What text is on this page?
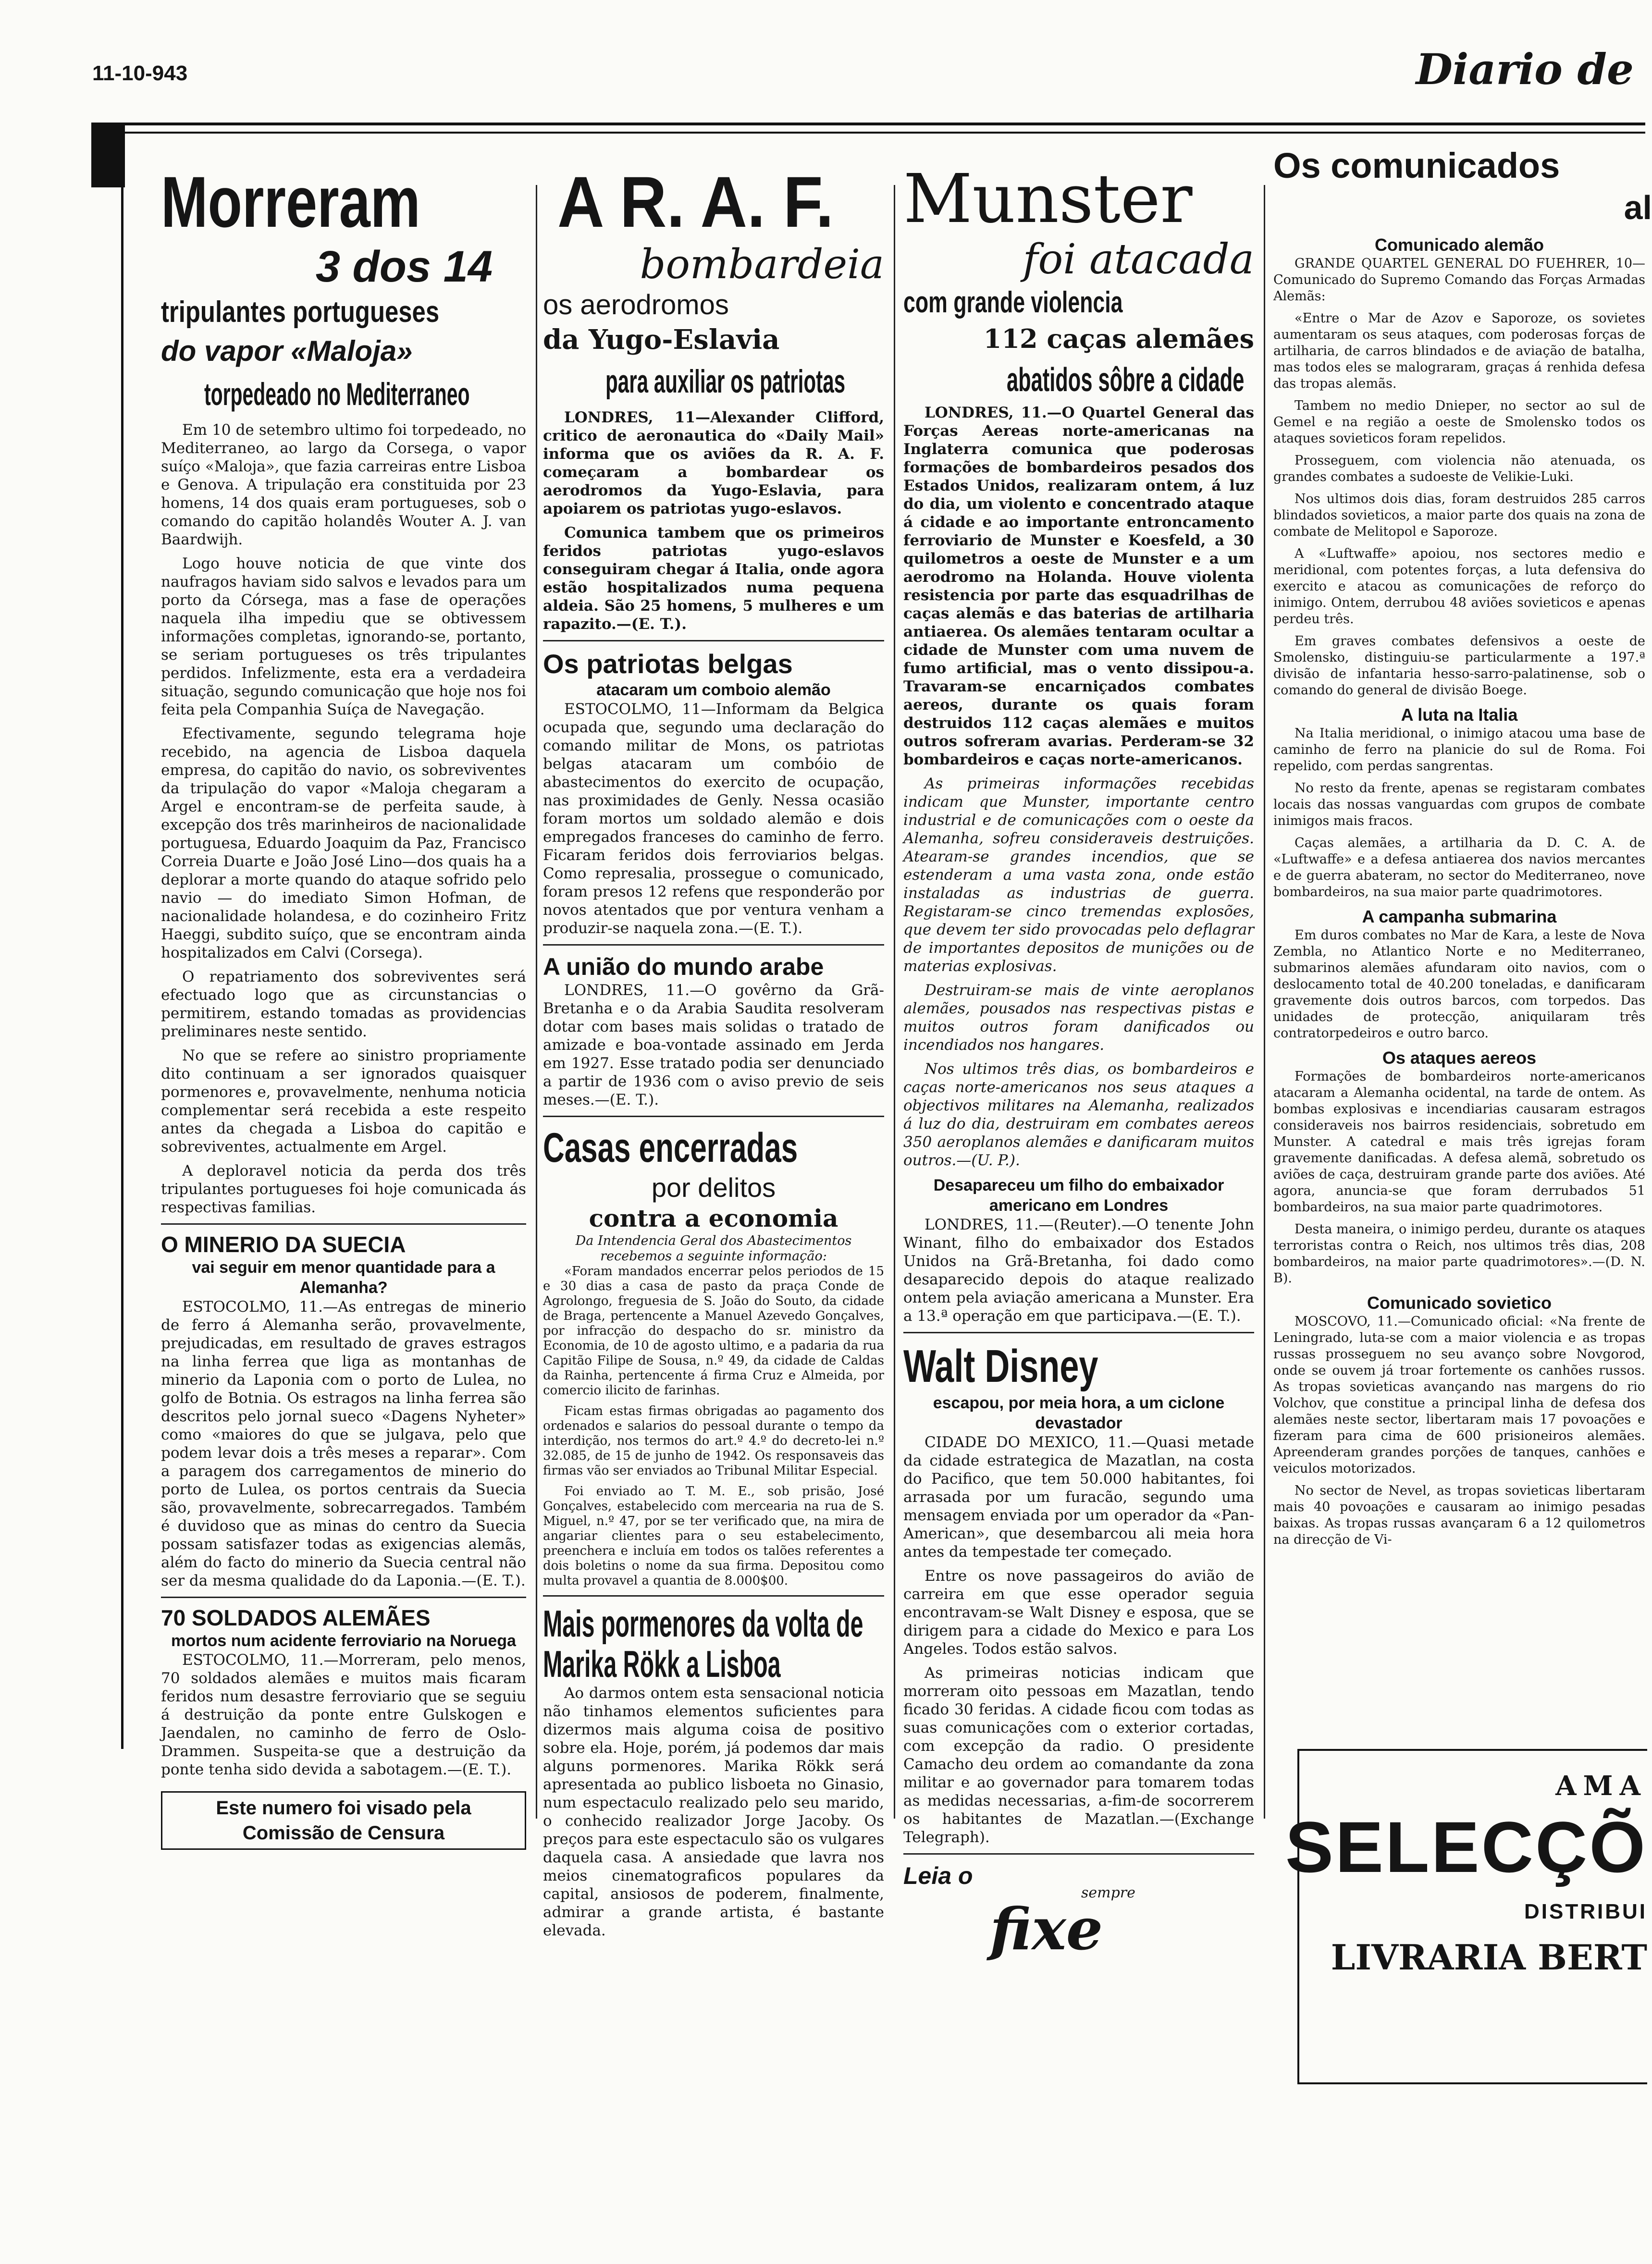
11-10-943	Diario de
Morreram
3 dos 14
tripulantes portugueses
do vapor «Maloja»
torpedeado no Mediterraneo

Em 10 de setembro ultimo foi torpedeado, no Mediterraneo, ao largo da Corsega, o vapor suíço «Maloja», que fazia carreiras entre Lisboa e Genova. A tripulação era constituida por 23 homens, 14 dos quais eram portugueses, sob o comando do capitão holandês Wouter A. J. van Baardwijh.

Logo houve noticia de que vinte dos naufragos haviam sido salvos e levados para um porto da Córsega, mas a fase de operações naquela ilha impediu que se obtivessem informações completas, ignorando-se, portanto, se seriam portugueses os três tripulantes perdidos. Infelizmente, esta era a verdadeira situação, segundo comunicação que hoje nos foi feita pela Companhia Suíça de Navegação.

Efectivamente, segundo telegrama hoje recebido, na agencia de Lisboa daquela empresa, do capitão do navio, os sobreviventes da tripulação do vapor «Maloja chegaram a Argel e encontram-se de perfeita saude, à excepção dos três marinheiros de nacionalidade portuguesa, Eduardo Joaquim da Paz, Francisco Correia Duarte e João José Lino—dos quais ha a deplorar a morte quando do ataque sofrido pelo navio — do imediato Simon Hofman, de nacionalidade holandesa, e do cozinheiro Fritz Haeggi, subdito suíço, que se encontram ainda hospitalizados em Calvi (Corsega).

O repatriamento dos sobreviventes será efectuado logo que as circunstancias o permitirem, estando tomadas as providencias preliminares neste sentido.

No que se refere ao sinistro propriamente dito continuam a ser ignorados quaisquer pormenores e, provavelmente, nenhuma noticia complementar será recebida a este respeito antes da chegada a Lisboa do capitão e sobreviventes, actualmente em Argel.

A deploravel noticia da perda dos três tripulantes portugueses foi hoje comunicada ás respectivas familias.

O MINERIO DA SUECIA
vai seguir em menor quantidade para a Alemanha?

ESTOCOLMO, 11.—As entregas de minerio de ferro á Alemanha serão, provavelmente, prejudicadas, em resultado de graves estragos na linha ferrea que liga as montanhas de minerio da Laponia com o porto de Lulea, no golfo de Botnia. Os estragos na linha ferrea são descritos pelo jornal sueco «Dagens Nyheter» como «maiores do que se julgava, pelo que podem levar dois a três meses a reparar». Com a paragem dos carregamentos de minerio do porto de Lulea, os portos centrais da Suecia são, provavelmente, sobrecarregados. Também é duvidoso que as minas do centro da Suecia possam satisfazer todas as exigencias alemãs, além do facto do minerio da Suecia central não ser da mesma qualidade do da Laponia.—(E. T.).

70 SOLDADOS ALEMÃES
mortos num acidente ferroviario na Noruega

ESTOCOLMO, 11.—Morreram, pelo menos, 70 soldados alemães e muitos mais ficaram feridos num desastre ferroviario que se seguiu á destruição da ponte entre Gulskogen e Jaendalen, no caminho de ferro de Oslo-Drammen. Suspeita-se que a destruição da ponte tenha sido devida a sabotagem.—(E. T.).

Este numero foi visado pela Comissão de Censura
A R. A. F.
bombardeia
os aerodromos
da Yugo-Eslavia
para auxiliar os patriotas

LONDRES, 11—Alexander Clifford, critico de aeronautica do «Daily Mail» informa que os aviões da R. A. F. começaram a bombardear os aerodromos da Yugo-Eslavia, para apoiarem os patriotas yugo-eslavos.

Comunica tambem que os primeiros feridos patriotas yugo-eslavos conseguiram chegar á Italia, onde agora estão hospitalizados numa pequena aldeia. São 25 homens, 5 mulheres e um rapazito.—(E. T.).

Os patriotas belgas
atacaram um comboio alemão

ESTOCOLMO, 11—Informam da Belgica ocupada que, segundo uma declaração do comando militar de Mons, os patriotas belgas atacaram um combóio de abastecimentos do exercito de ocupação, nas proximidades de Genly. Nessa ocasião foram mortos um soldado alemão e dois empregados franceses do caminho de ferro. Ficaram feridos dois ferroviarios belgas. Como represalia, prossegue o comunicado, foram presos 12 refens que responderão por novos atentados que por ventura venham a produzir-se naquela zona.—(E. T.).

A união do mundo arabe

LONDRES, 11.—O govêrno da Grã-Bretanha e o da Arabia Saudita resolveram dotar com bases mais solidas o tratado de amizade e boa-vontade assinado em Jerda em 1927. Esse tratado podia ser denunciado a partir de 1936 com o aviso previo de seis meses.—(E. T.).

Casas encerradas
por delitos
contra a economia
Da Intendencia Geral dos Abastecimentos recebemos a seguinte informação:

«Foram mandados encerrar pelos periodos de 15 e 30 dias a casa de pasto da praça Conde de Agrolongo, freguesia de S. João do Souto, da cidade de Braga, pertencente a Manuel Azevedo Gonçalves, por infracção do despacho do sr. ministro da Economia, de 10 de agosto ultimo, e a padaria da rua Capitão Filipe de Sousa, n.º 49, da cidade de Caldas da Rainha, pertencente á firma Cruz e Almeida, por comercio ilicito de farinhas.

Ficam estas firmas obrigadas ao pagamento dos ordenados e salarios do pessoal durante o tempo da interdição, nos termos do art.º 4.º do decreto-lei n.º 32.085, de 15 de junho de 1942. Os responsaveis das firmas vão ser enviados ao Tribunal Militar Especial.

Foi enviado ao T. M. E., sob prisão, José Gonçalves, estabelecido com mercearia na rua de S. Miguel, n.º 47, por se ter verificado que, na mira de angariar clientes para o seu estabelecimento, preenchera e incluía em todos os talões referentes a dois boletins o nome da sua firma. Depositou como multa provavel a quantia de 8.000$00.

Mais pormenores da volta de Marika Rökk a Lisboa

Ao darmos ontem esta sensacional noticia não tinhamos elementos suficientes para dizermos mais alguma coisa de positivo sobre ela. Hoje, porém, já podemos dar mais alguns pormenores. Marika Rökk será apresentada ao publico lisboeta no Ginasio, num espectaculo realizado pelo seu marido, o conhecido realizador Jorge Jacoby. Os preços para este espectaculo são os vulgares daquela casa. A ansiedade que lavra nos meios cinematograficos populares da capital, ansiosos de poderem, finalmente, admirar a grande artista, é bastante elevada.

Munster
foi atacada
com grande violencia
112 caças alemães
abatidos sôbre a cidade

LONDRES, 11.—O Quartel General das Forças Aereas norte-americanas na Inglaterra comunica que poderosas formações de bombardeiros pesados dos Estados Unidos, realizaram ontem, á luz do dia, um violento e concentrado ataque á cidade e ao importante entroncamento ferroviario de Munster e Koesfeld, a 30 quilometros a oeste de Munster e a um aerodromo na Holanda. Houve violenta resistencia por parte das esquadrilhas de caças alemãs e das baterias de artilharia antiaerea. Os alemães tentaram ocultar a cidade de Munster com uma nuvem de fumo artificial, mas o vento dissipou-a. Travaram-se encarniçados combates aereos, durante os quais foram destruidos 112 caças alemães e muitos outros sofreram avarias. Perderam-se 32 bombardeiros e caças norte-americanos.

As primeiras informações recebidas indicam que Munster, importante centro industrial e de comunicações com o oeste da Alemanha, sofreu consideraveis destruições. Atearam-se grandes incendios, que se estenderam a uma vasta zona, onde estão instaladas as industrias de guerra. Registaram-se cinco tremendas explosões, que devem ter sido provocadas pelo deflagrar de importantes depositos de munições ou de materias explosivas.

Destruiram-se mais de vinte aeroplanos alemães, pousados nas respectivas pistas e muitos outros foram danificados ou incendiados nos hangares.

Nos ultimos três dias, os bombardeiros e caças norte-americanos nos seus ataques a objectivos militares na Alemanha, realizados á luz do dia, destruiram em combates aereos 350 aeroplanos alemães e danificaram muitos outros.—(U. P.).

Desapareceu um filho do embaixador americano em Londres

LONDRES, 11.—(Reuter).—O tenente John Winant, filho do embaixador dos Estados Unidos na Grã-Bretanha, foi dado como desaparecido depois do ataque realizado ontem pela aviação americana a Munster. Era a 13.ª operação em que participava.—(E. T.).

Walt Disney
escapou, por meia hora, a um ciclone devastador

CIDADE DO MEXICO, 11.—Quasi metade da cidade estrategica de Mazatlan, na costa do Pacifico, que tem 50.000 habitantes, foi arrasada por um furacão, segundo uma mensagem enviada por um operador da «Pan-American», que desembarcou ali meia hora antes da tempestade ter começado.

Entre os nove passageiros do avião de carreira em que esse operador seguia encontravam-se Walt Disney e esposa, que se dirigem para a cidade do Mexico e para Los Angeles. Todos estão salvos.

As primeiras noticias indicam que morreram oito pessoas em Mazatlan, tendo ficado 30 feridas. A cidade ficou com todas as suas comunicações com o exterior cortadas, com excepção da radio. O presidente Camacho deu ordem ao comandante da zona militar e ao governador para tomarem todas as medidas necessarias, a-fim-de socorrerem os habitantes de Mazatlan.—(Exchange Telegraph).

Leia o
sempre
fixe
Os comunicados
al
Comunicado alemão

GRANDE QUARTEL GENERAL DO FUEHRER, 10—Comunicado do Supremo Comando das Forças Armadas Alemãs:

«Entre o Mar de Azov e Saporoze, os sovietes aumentaram os seus ataques, com poderosas forças de artilharia, de carros blindados e de aviação de batalha, mas todos eles se malograram, graças á renhida defesa das tropas alemãs.

Tambem no medio Dnieper, no sector ao sul de Gemel e na região a oeste de Smolensko todos os ataques sovieticos foram repelidos.

Prosseguem, com violencia não atenuada, os grandes combates a sudoeste de Velikie-Luki.

Nos ultimos dois dias, foram destruidos 285 carros blindados sovieticos, a maior parte dos quais na zona de combate de Melitopol e Saporoze.

A «Luftwaffe» apoiou, nos sectores medio e meridional, com potentes forças, a luta defensiva do exercito e atacou as comunicações de reforço do inimigo. Ontem, derrubou 48 aviões sovieticos e apenas perdeu três.

Em graves combates defensivos a oeste de Smolensko, distinguiu-se particularmente a 197.ª divisão de infantaria hesso-sarro-palatinense, sob o comando do general de divisão Boege.

A luta na Italia

Na Italia meridional, o inimigo atacou uma base de caminho de ferro na planicie do sul de Roma. Foi repelido, com perdas sangrentas.

No resto da frente, apenas se registaram combates locais das nossas vanguardas com grupos de combate inimigos mais fracos.

Caças alemães, a artilharia da D. C. A. de «Luftwaffe» e a defesa antiaerea dos navios mercantes e de guerra abateram, no sector do Mediterraneo, nove bombardeiros, na sua maior parte quadrimotores.

A campanha submarina

Em duros combates no Mar de Kara, a leste de Nova Zembla, no Atlantico Norte e no Mediterraneo, submarinos alemães afundaram oito navios, com o deslocamento total de 40.200 toneladas, e danificaram gravemente dois outros barcos, com torpedos. Das unidades de protecção, aniquilaram três contratorpedeiros e outro barco.

Os ataques aereos

Formações de bombardeiros norte-americanos atacaram a Alemanha ocidental, na tarde de ontem. As bombas explosivas e incendiarias causaram estragos consideraveis nos bairros residenciais, sobretudo em Munster. A catedral e mais três igrejas foram gravemente danificadas. A defesa alemã, sobretudo os aviões de caça, destruiram grande parte dos aviões. Até agora, anuncia-se que foram derrubados 51 bombardeiros, na sua maior parte quadrimotores.

Desta maneira, o inimigo perdeu, durante os ataques terroristas contra o Reich, nos ultimos três dias, 208 bombardeiros, na maior parte quadrimotores».—(D. N. B).

Comunicado sovietico

MOSCOVO, 11.—Comunicado oficial: «Na frente de Leningrado, luta-se com a maior violencia e as tropas russas prosseguem no seu avanço sobre Novgorod, onde se ouvem já troar fortemente os canhões russos. As tropas sovieticas avançando nas margens do rio Volchov, que constitue a principal linha de defesa dos alemães neste sector, libertaram mais 17 povoações e fizeram para cima de 600 prisioneiros alemães. Apreenderam grandes porções de tanques, canhões e veiculos motorizados.

No sector de Nevel, as tropas sovieticas libertaram mais 40 povoações e causaram ao inimigo pesadas baixas. As tropas russas avançaram 6 a 12 quilometros na direcção de Vi-

AMA
SELECÇÕ
DISTRIBUI
LIVRARIA BERT
